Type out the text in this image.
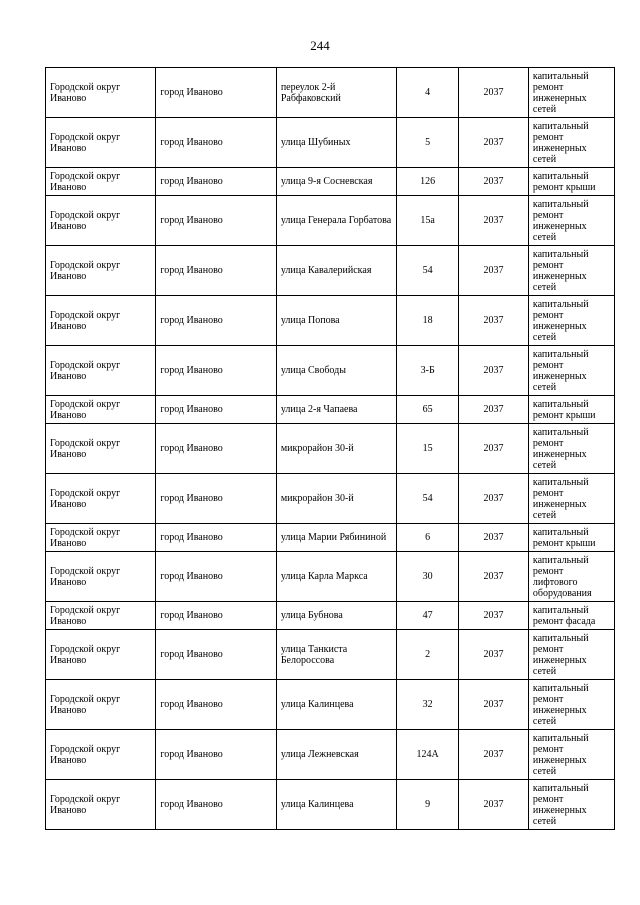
244
Городской округ Иваново	город Иваново	переулок 2-й Рабфаковский	4	2037	капитальный ремонт инженерных сетей
Городской округ Иваново	город Иваново	улица Шубиных	5	2037	капитальный ремонт инженерных сетей
Городской округ Иваново	город Иваново	улица 9-я Сосневская	126	2037	капитальный ремонт крыши
Городской округ Иваново	город Иваново	улица Генерала Горбатова	15а	2037	капитальный ремонт инженерных сетей
Городской округ Иваново	город Иваново	улица Кавалерийская	54	2037	капитальный ремонт инженерных сетей
Городской округ Иваново	город Иваново	улица Попова	18	2037	капитальный ремонт инженерных сетей
Городской округ Иваново	город Иваново	улица Свободы	3-Б	2037	капитальный ремонт инженерных сетей
Городской округ Иваново	город Иваново	улица 2-я Чапаева	65	2037	капитальный ремонт крыши
Городской округ Иваново	город Иваново	микрорайон 30-й	15	2037	капитальный ремонт инженерных сетей
Городской округ Иваново	город Иваново	микрорайон 30-й	54	2037	капитальный ремонт инженерных сетей
Городской округ Иваново	город Иваново	улица Марии Рябининой	6	2037	капитальный ремонт крыши
Городской округ Иваново	город Иваново	улица Карла Маркса	30	2037	капитальный ремонт лифтового оборудования
Городской округ Иваново	город Иваново	улица Бубнова	47	2037	капитальный ремонт фасада
Городской округ Иваново	город Иваново	улица Танкиста Белороссова	2	2037	капитальный ремонт инженерных сетей
Городской округ Иваново	город Иваново	улица Калинцева	32	2037	капитальный ремонт инженерных сетей
Городской округ Иваново	город Иваново	улица Лежневская	124А	2037	капитальный ремонт инженерных сетей
Городской округ Иваново	город Иваново	улица Калинцева	9	2037	капитальный ремонт инженерных сетей
